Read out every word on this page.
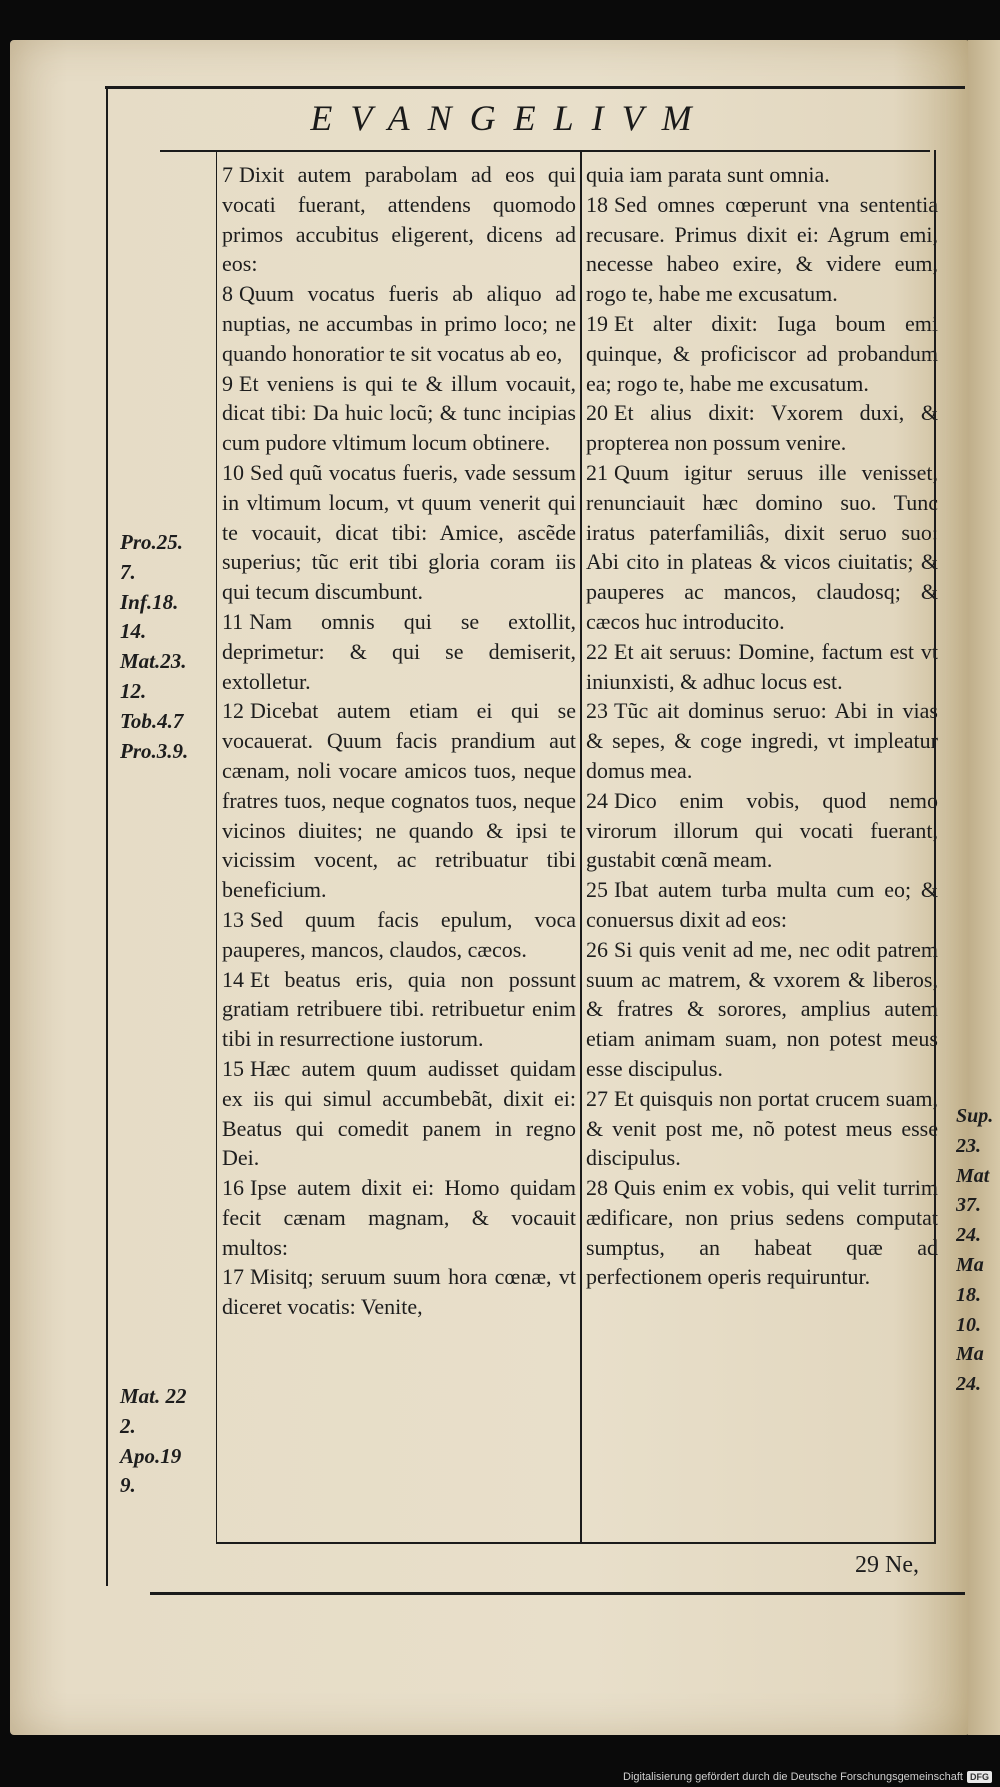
EVANGELIVM
7 Dixit autem parabolam ad eos qui vocati fuerant, attendens quomodo primos accubitus eligerent, dicens ad eos:
8 Quum vocatus fueris ab aliquo ad nuptias, ne accumbas in primo loco; ne quando honoratior te sit vocatus ab eo,
9 Et veniens is qui te & illum vocauit, dicat tibi: Da huic locũ; & tunc incipias cum pudore vltimum locum obtinere.
10 Sed quũ vocatus fueris, vade sessum in vltimum locum, vt quum venerit qui te vocauit, dicat tibi: Amice, ascẽde superius; tũc erit tibi gloria coram iis qui tecum discumbunt.
11 Nam omnis qui se extollit, deprimetur: & qui se demiserit, extolletur.
12 Dicebat autem etiam ei qui se vocauerat. Quum facis prandium aut cænam, noli vocare amicos tuos, neque fratres tuos, neque cognatos tuos, neque vicinos diuites; ne quando & ipsi te vicissim vocent, ac retribuatur tibi beneficium.
13 Sed quum facis epulum, voca pauperes, mancos, claudos, cæcos.
14 Et beatus eris, quia non possunt gratiam retribuere tibi. retribuetur enim tibi in resurrectione iustorum.
15 Hæc autem quum audisset quidam ex iis qui simul accumbebãt, dixit ei: Beatus qui comedit panem in regno Dei.
16 Ipse autem dixit ei: Homo quidam fecit cænam magnam, & vocauit multos:
17 Misitq; seruum suum hora cœnæ, vt diceret vocatis: Venite,
quia iam parata sunt omnia.
18 Sed omnes cœperunt vna sententia recusare. Primus dixit ei: Agrum emi, necesse habeo exire, & videre eum, rogo te, habe me excusatum.
19 Et alter dixit: Iuga boum emi quinque, & proficiscor ad probandum ea; rogo te, habe me excusatum.
20 Et alius dixit: Vxorem duxi, & propterea non possum venire.
21 Quum igitur seruus ille venisset, renunciauit hæc domino suo. Tunc iratus paterfamiliâs, dixit seruo suo: Abi cito in plateas & vicos ciuitatis; & pauperes ac mancos, claudosq; & cæcos huc introducito.
22 Et ait seruus: Domine, factum est vt iniunxisti, & adhuc locus est.
23 Tũc ait dominus seruo: Abi in vias & sepes, & coge ingredi, vt impleatur domus mea.
24 Dico enim vobis, quod nemo virorum illorum qui vocati fuerant, gustabit cœnã meam.
25 Ibat autem turba multa cum eo; & conuersus dixit ad eos:
26 Si quis venit ad me, nec odit patrem suum ac matrem, & vxorem & liberos, & fratres & sorores, amplius autem etiam animam suam, non potest meus esse discipulus.
27 Et quisquis non portat crucem suam, & venit post me, nõ potest meus esse discipulus.
28 Quis enim ex vobis, qui velit turrim ædificare, non prius sedens computat sumptus, an habeat quæ ad perfectionem operis requiruntur.
Pro.25.
7.
Inf.18.
14.
Mat.23.
12.
Tob.4.7
Pro.3.9.
Mat. 22
2.
Apo.19
9.
Sup.
23.
Mat
37.
24.
Ma
18.
10.
Ma
24.

29 Ne,

Digitalisierung gefördert durch die Deutsche Forschungsgemeinschaft DFG
